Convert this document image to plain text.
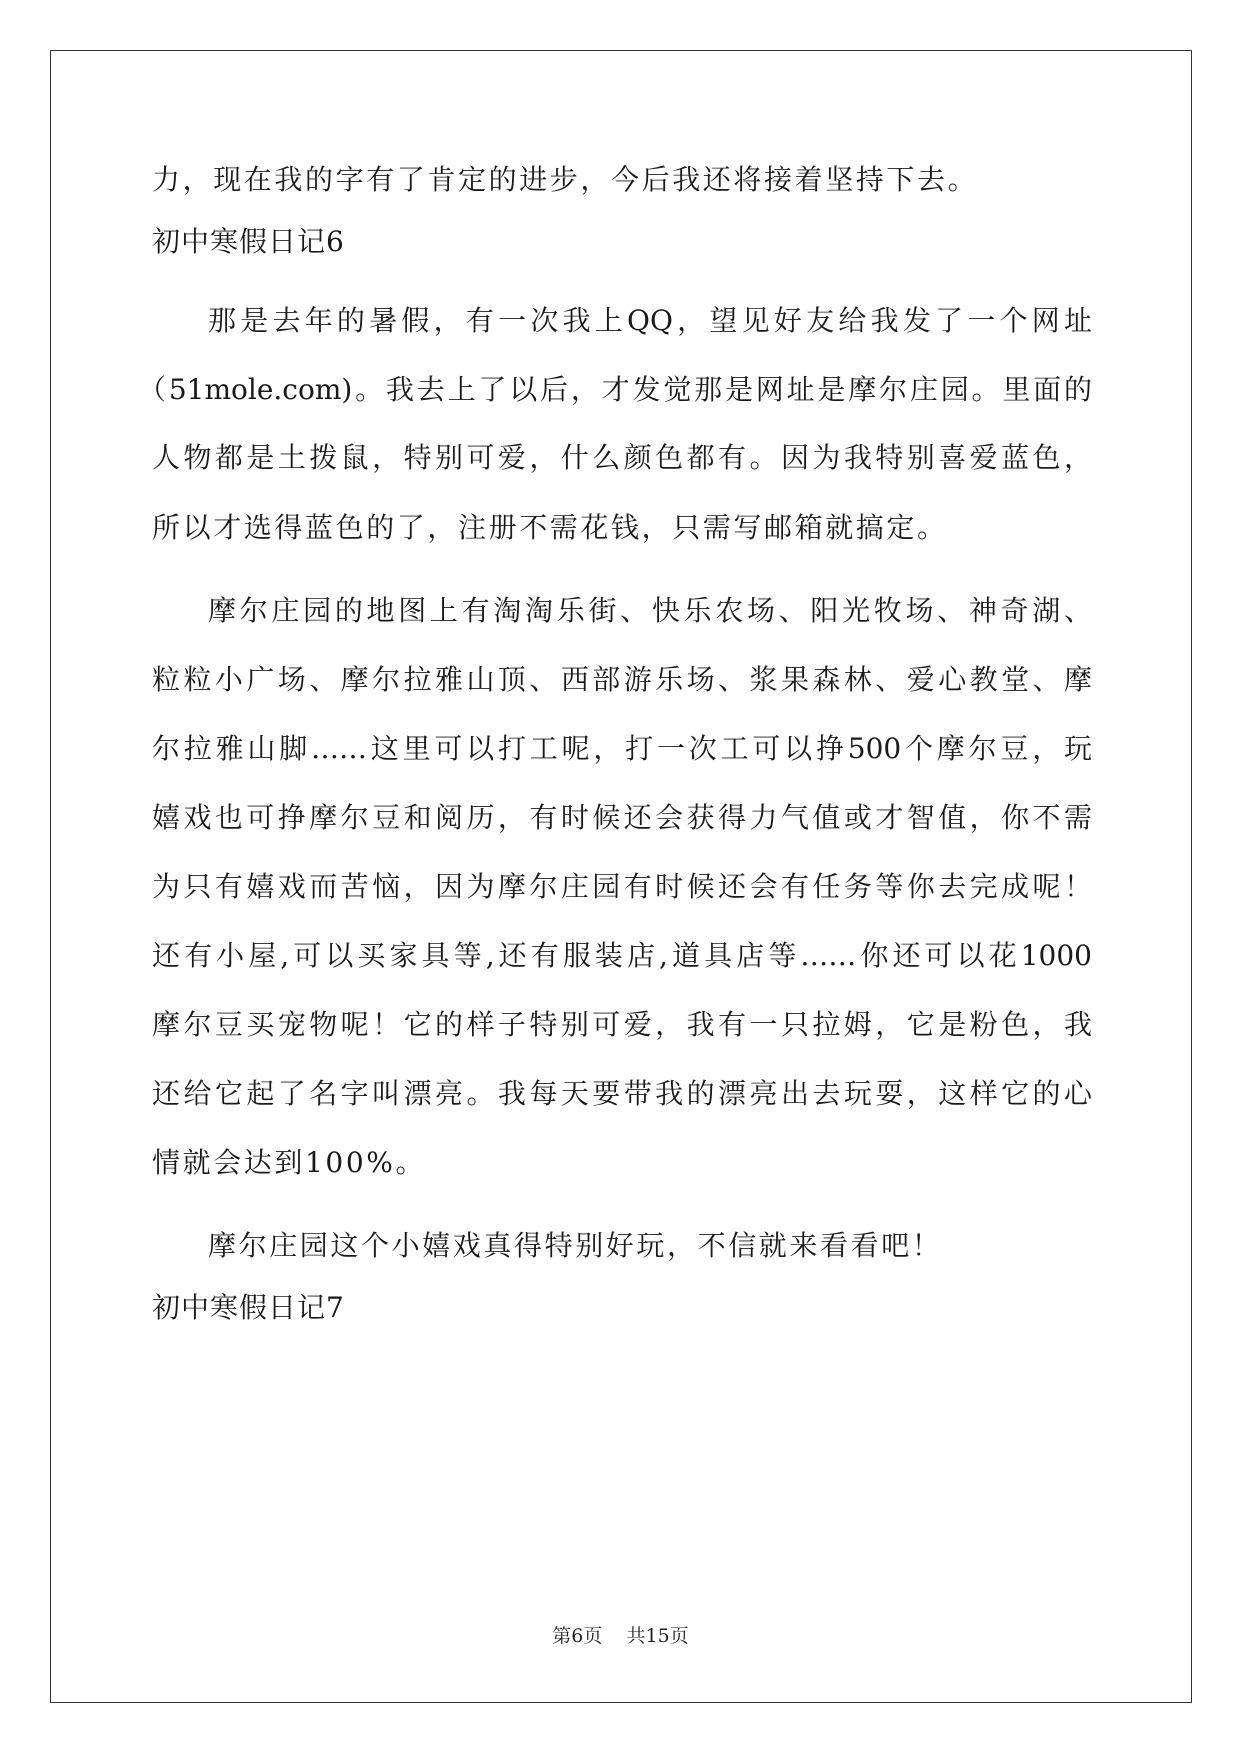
力，现在我的字有了肯定的进步，今后我还将接着坚持下去。
初中寒假日记6
那是去年的暑假，有一次我上QQ，望见好友给我发了一个网址
（51mole.com)。我去上了以后，才发觉那是网址是摩尔庄园。里面的
人物都是土拨鼠，特别可爱，什么颜色都有。因为我特别喜爱蓝色，
所以才选得蓝色的了，注册不需花钱，只需写邮箱就搞定。
摩尔庄园的地图上有淘淘乐街、快乐农场、阳光牧场、神奇湖、
粒粒小广场、摩尔拉雅山顶、西部游乐场、浆果森林、爱心教堂、摩
尔拉雅山脚……这里可以打工呢，打一次工可以挣500个摩尔豆，玩
嬉戏也可挣摩尔豆和阅历，有时候还会获得力气值或才智值，你不需
为只有嬉戏而苦恼，因为摩尔庄园有时候还会有任务等你去完成呢！
还有小屋,可以买家具等,还有服装店,道具店等……你还可以花1000
摩尔豆买宠物呢！它的样子特别可爱，我有一只拉姆，它是粉色，我
还给它起了名字叫漂亮。我每天要带我的漂亮出去玩耍，这样它的心
情就会达到100%。
摩尔庄园这个小嬉戏真得特别好玩，不信就来看看吧！
初中寒假日记7
第6页 共15页
